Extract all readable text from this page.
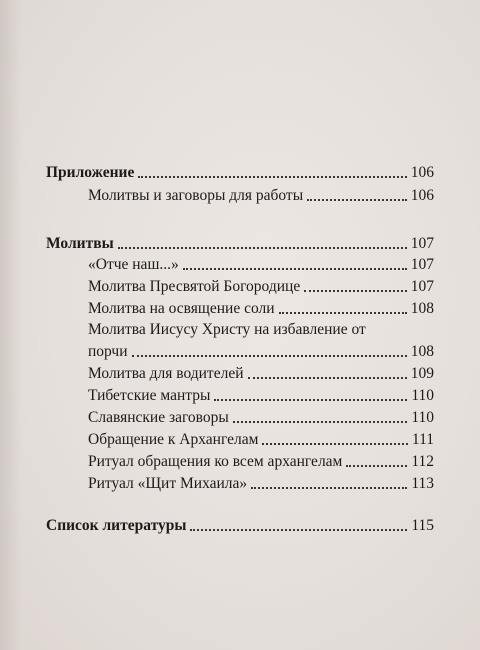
Приложение	106
Молитвы и заговоры для работы	106
Молитвы	107
«Отче наш...»	107
Молитва Пресвятой Богородице	107
Молитва на освящение соли	108
Молитва Иисусу Христу на избавление от
порчи	108
Молитва для водителей	109
Тибетские мантры	110
Славянские заговоры	110
Обращение к Архангелам	111
Ритуал обращения ко всем архангелам	112
Ритуал «Щит Михаила»	113
Список литературы	115
